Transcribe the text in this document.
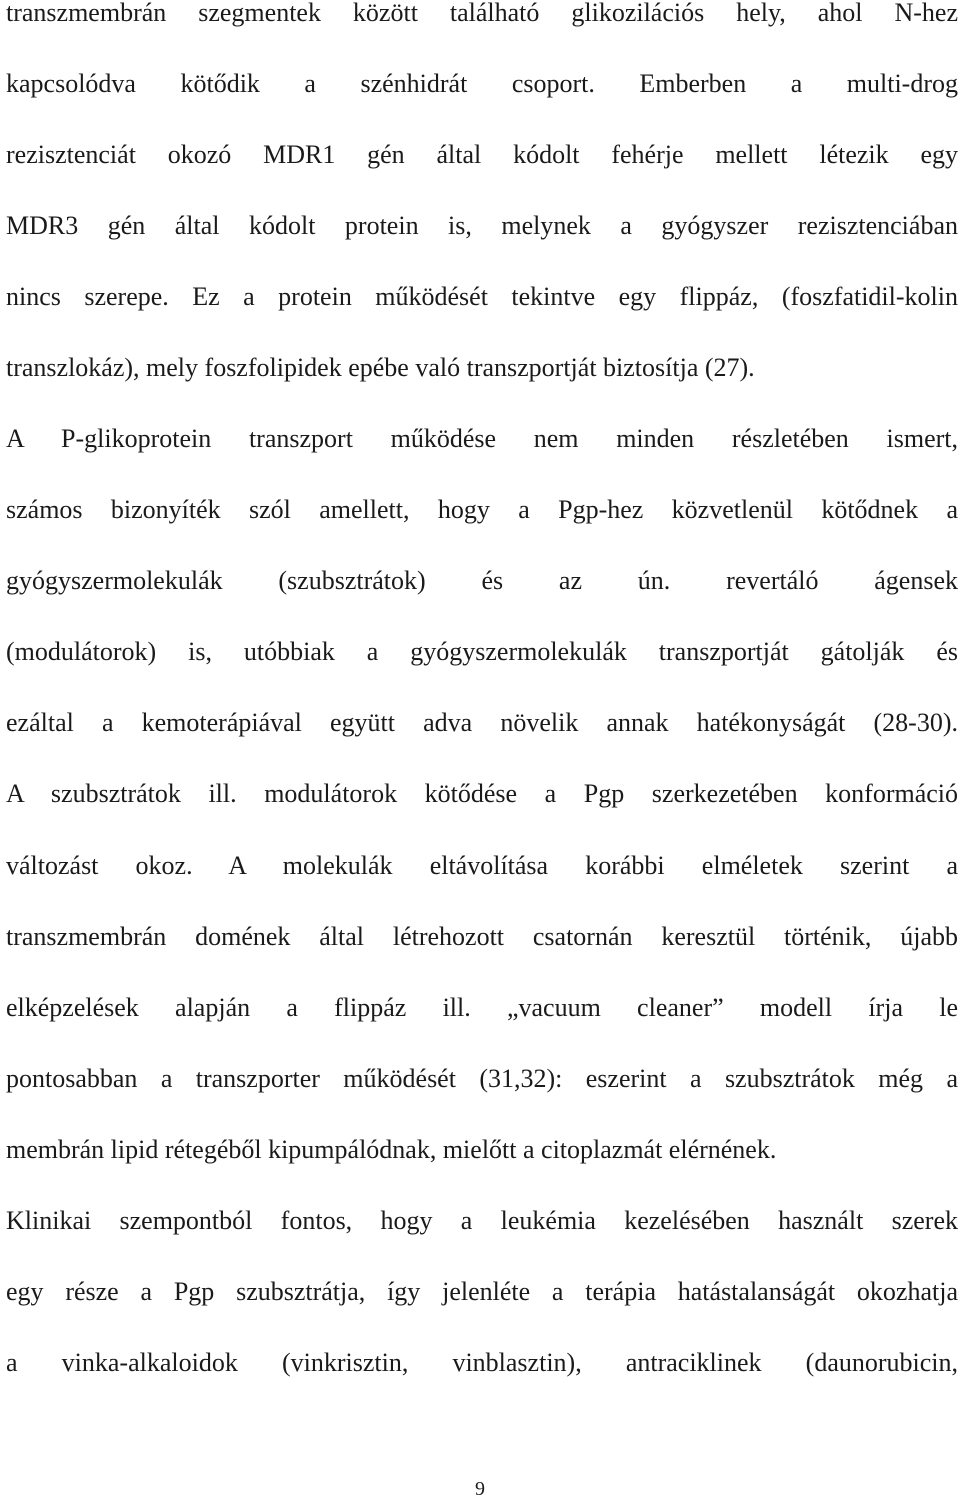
transzmembrán szegmentek között található glikozilációs hely, ahol N-hez

kapcsolódva kötődik a szénhidrát csoport. Emberben a multi-drog

rezisztenciát okozó MDR1 gén által kódolt fehérje mellett létezik egy

MDR3 gén által kódolt protein is, melynek a gyógyszer rezisztenciában

nincs szerepe. Ez a protein működését tekintve egy flippáz, (foszfatidil-kolin

transzlokáz), mely foszfolipidek epébe való transzportját biztosítja (27).

A P-glikoprotein transzport működése nem minden részletében ismert,

számos bizonyíték szól amellett, hogy a Pgp-hez közvetlenül kötődnek a

gyógyszermolekulák (szubsztrátok) és az ún. revertáló ágensek

(modulátorok) is, utóbbiak a gyógyszermolekulák transzportját gátolják és

ezáltal a kemoterápiával együtt adva növelik annak hatékonyságát (28-30).

A szubsztrátok ill. modulátorok kötődése a Pgp szerkezetében konformáció

változást okoz. A molekulák eltávolítása korábbi elméletek szerint a

transzmembrán domének által létrehozott csatornán keresztül történik, újabb

elképzelések alapján a flippáz ill. „vacuum cleaner” modell írja le

pontosabban a transzporter működését (31,32): eszerint a szubsztrátok még a

membrán lipid rétegéből kipumpálódnak, mielőtt a citoplazmát elérnének.

Klinikai szempontból fontos, hogy a leukémia kezelésében használt szerek

egy része a Pgp szubsztrátja, így jelenléte a terápia hatástalanságát okozhatja

a vinka-alkaloidok (vinkrisztin, vinblasztin), antraciklinek (daunorubicin,

9
